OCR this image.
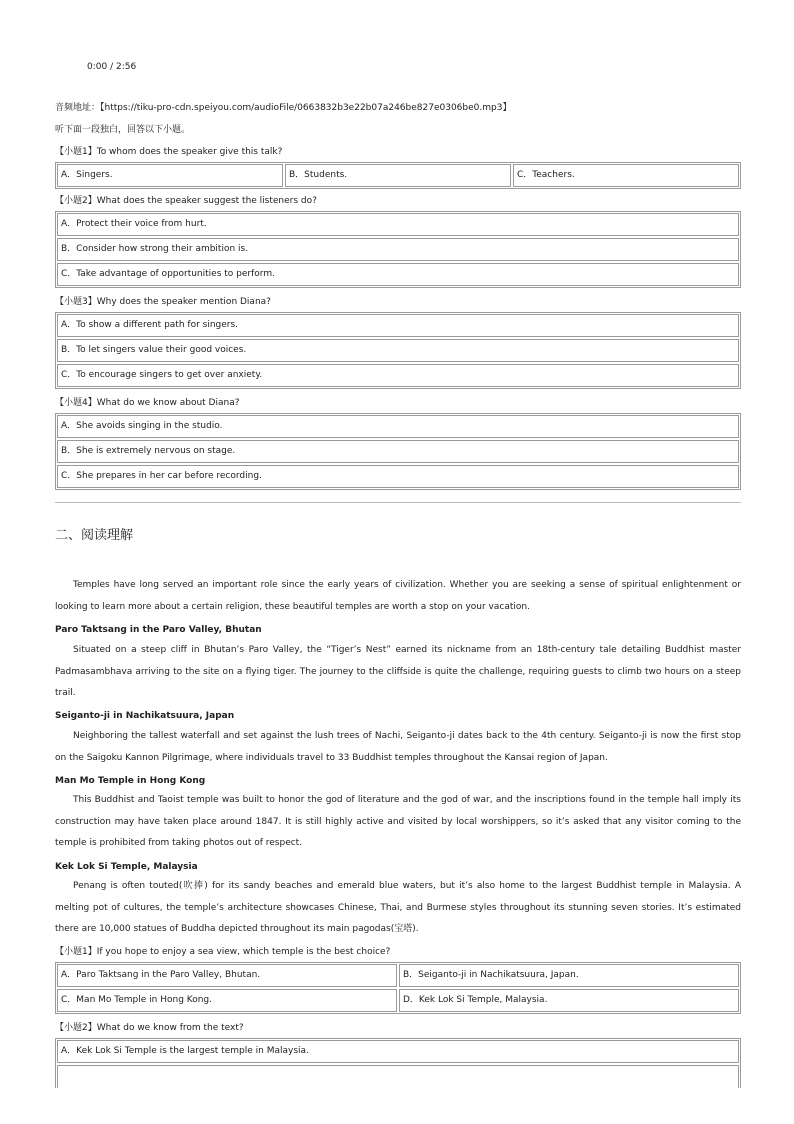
0:00 / 2:56
音频地址：【https://tiku-pro-cdn.speiyou.com/audioFile/0663832b3e22b07a246be827e0306be0.mp3】
听下面一段独白，回答以下小题。
【小题1】To whom does the speaker give this talk?
A．Singers.	B．Students.	C．Teachers.
【小题2】What does the speaker suggest the listeners do?
A．Protect their voice from hurt.
B．Consider how strong their ambition is.
C．Take advantage of opportunities to perform.
【小题3】Why does the speaker mention Diana?
A．To show a different path for singers.
B．To let singers value their good voices.
C．To encourage singers to get over anxiety.
【小题4】What do we know about Diana?
A．She avoids singing in the studio.
B．She is extremely nervous on stage.
C．She prepares in her car before recording.
二、阅读理解
Temples have long served an important role since the early years of civilization. Whether you are seeking a sense of spiritual enlightenment or looking to learn more about a certain religion, these beautiful temples are worth a stop on your vacation.
Paro Taktsang in the Paro Valley, Bhutan
Situated on a steep cliff in Bhutan’s Paro Valley, the “Tiger’s Nest” earned its nickname from an 18th-century tale detailing Buddhist master Padmasambhava arriving to the site on a flying tiger. The journey to the cliffside is quite the challenge, requiring guests to climb two hours on a steep trail.
Seiganto-ji in Nachikatsuura, Japan
Neighboring the tallest waterfall and set against the lush trees of Nachi, Seiganto-ji dates back to the 4th century. Seiganto-ji is now the first stop on the Saigoku Kannon Pilgrimage, where individuals travel to 33 Buddhist temples throughout the Kansai region of Japan.
Man Mo Temple in Hong Kong
This Buddhist and Taoist temple was built to honor the god of literature and the god of war, and the inscriptions found in the temple hall imply its construction may have taken place around 1847. It is still highly active and visited by local worshippers, so it’s asked that any visitor coming to the temple is prohibited from taking photos out of respect.
Kek Lok Si Temple, Malaysia
Penang is often touted(吹捧) for its sandy beaches and emerald blue waters, but it’s also home to the largest Buddhist temple in Malaysia. A melting pot of cultures, the temple’s architecture showcases Chinese, Thai, and Burmese styles throughout its stunning seven stories. It’s estimated there are 10,000 statues of Buddha depicted throughout its main pagodas(宝塔).
【小题1】If you hope to enjoy a sea view, which temple is the best choice?
A．Paro Taktsang in the Paro Valley, Bhutan.	B．Seiganto-ji in Nachikatsuura, Japan.
C．Man Mo Temple in Hong Kong.	D．Kek Lok Si Temple, Malaysia.
【小题2】What do we know from the text?
A．Kek Lok Si Temple is the largest temple in Malaysia.
